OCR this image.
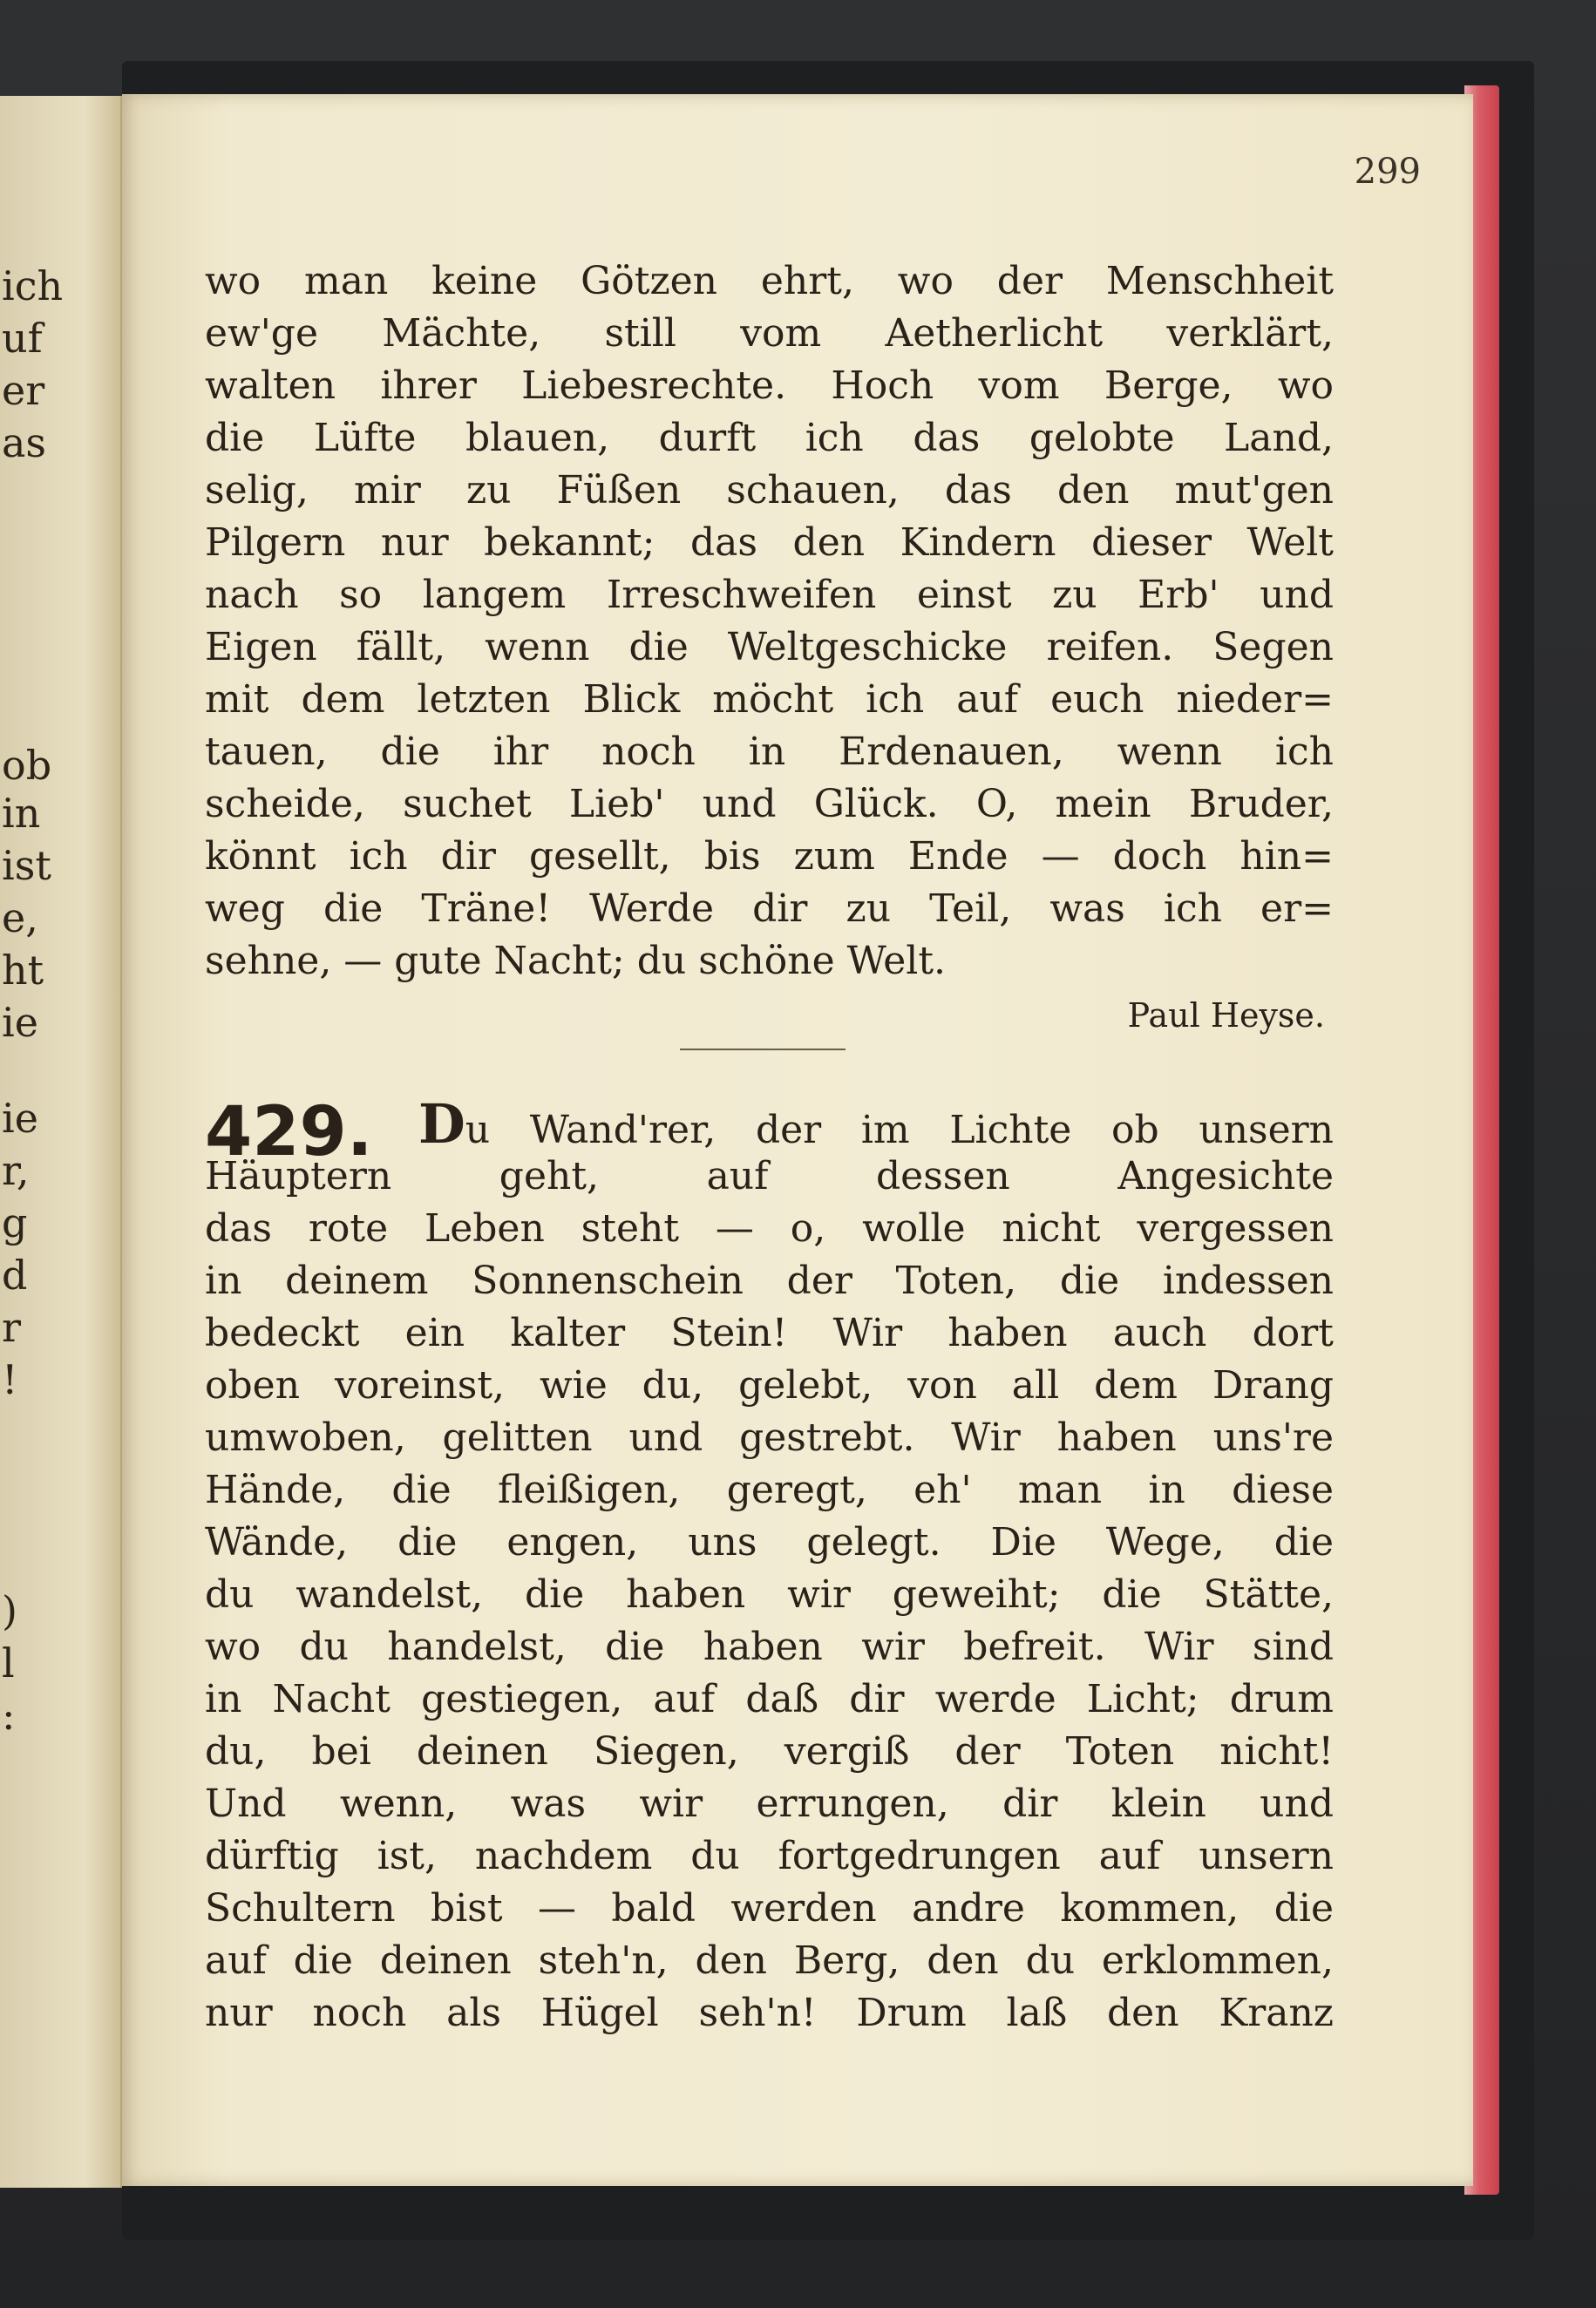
ich
uf
er
as
ob
in
ist
e,
ht
ie
ie
r,
g
d
r
!
)
l
:
299
wo man keine Götzen ehrt, wo der Menschheit
ew'ge Mächte, still vom Aetherlicht verklärt,
walten ihrer Liebesrechte. Hoch vom Berge, wo
die Lüfte blauen, durft ich das gelobte Land,
selig, mir zu Füßen schauen, das den mut'gen
Pilgern nur bekannt; das den Kindern dieser Welt
nach so langem Irreschweifen einst zu Erb' und
Eigen fällt, wenn die Weltgeschicke reifen. Segen
mit dem letzten Blick möcht ich auf euch nieder=
tauen, die ihr noch in Erdenauen, wenn ich
scheide, suchet Lieb' und Glück. O, mein Bruder,
könnt ich dir gesellt, bis zum Ende — doch hin=
weg die Träne! Werde dir zu Teil, was ich er=
sehne, — gute Nacht; du schöne Welt.
Paul Heyse.
429. Du Wand'rer, der im Lichte ob unsern
Häuptern geht, auf dessen Angesichte
das rote Leben steht — o, wolle nicht vergessen
in deinem Sonnenschein der Toten, die indessen
bedeckt ein kalter Stein! Wir haben auch dort
oben voreinst, wie du, gelebt, von all dem Drang
umwoben, gelitten und gestrebt. Wir haben uns're
Hände, die fleißigen, geregt, eh' man in diese
Wände, die engen, uns gelegt. Die Wege, die
du wandelst, die haben wir geweiht; die Stätte,
wo du handelst, die haben wir befreit. Wir sind
in Nacht gestiegen, auf daß dir werde Licht; drum
du, bei deinen Siegen, vergiß der Toten nicht!
Und wenn, was wir errungen, dir klein und
dürftig ist, nachdem du fortgedrungen auf unsern
Schultern bist — bald werden andre kommen, die
auf die deinen steh'n, den Berg, den du erklommen,
nur noch als Hügel seh'n! Drum laß den Kranz
